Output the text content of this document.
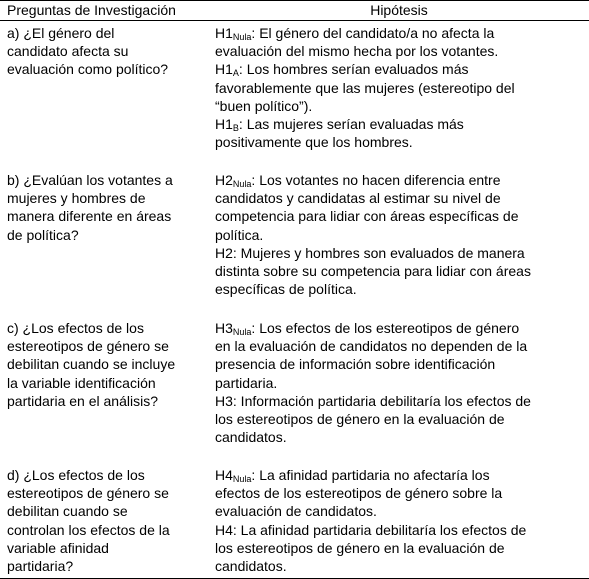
Preguntas de Investigación	Hipótesis
a) ¿El género del
candidato afecta su
evaluación como político?
$H1_{Nula}$: El género del candidato/a no afecta la
evaluación del mismo hecha por los votantes.
$H1_A$: Los hombres serían evaluados más
favorablemente que las mujeres (estereotipo del
“buen político”).
$H1_B$: Las mujeres serían evaluadas más
positivamente que los hombres.
b) ¿Evalúan los votantes a
mujeres y hombres de
manera diferente en áreas
de política?
$H2_{Nula}$: Los votantes no hacen diferencia entre
candidatos y candidatas al estimar su nivel de
competencia para lidiar con áreas específicas de
política.
H2: Mujeres y hombres son evaluados de manera
distinta sobre su competencia para lidiar con áreas
específicas de política.
c) ¿Los efectos de los
estereotipos de género se
debilitan cuando se incluye
la variable identificación
partidaria en el análisis?
$H3_{Nula}$: Los efectos de los estereotipos de género
en la evaluación de candidatos no dependen de la
presencia de información sobre identificación
partidaria.
H3: Información partidaria debilitaría los efectos de
los estereotipos de género en la evaluación de
candidatos.
d) ¿Los efectos de los
estereotipos de género se
debilitan cuando se
controlan los efectos de la
variable afinidad
partidaria?
$H4_{Nula}$: La afinidad partidaria no afectaría los
efectos de los estereotipos de género sobre la
evaluación de candidatos.
H4: La afinidad partidaria debilitaría los efectos de
los estereotipos de género en la evaluación de
candidatos.
